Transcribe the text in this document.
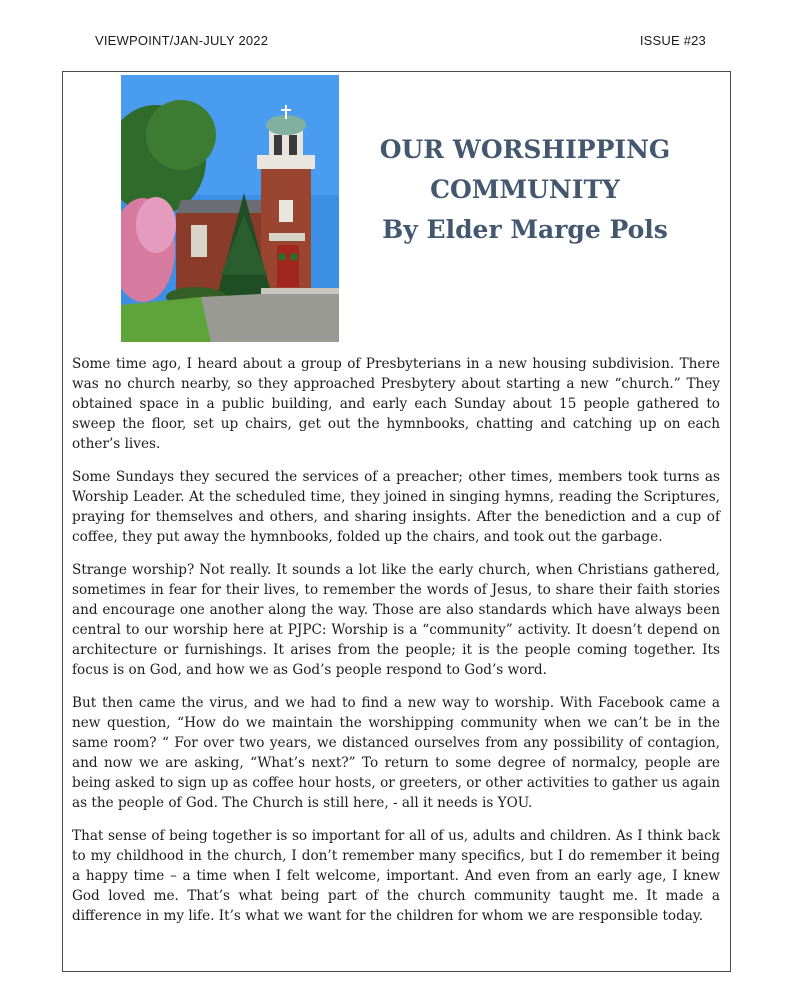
VIEWPOINT/JAN-JULY 2022	ISSUE #23
OUR WORSHIPPING
COMMUNITY
By Elder Marge Pols

Some time ago, I heard about a group of Presbyterians in a new housing subdivision. There was no church nearby, so they approached Presbytery about starting a new “church.” They obtained space in a public building, and early each Sunday about 15 people gathered to sweep the floor, set up chairs, get out the hymnbooks, chatting and catching up on each other’s lives.

Some Sundays they secured the services of a preacher; other times, members took turns as Worship Leader. At the scheduled time, they joined in singing hymns, reading the Scriptures, praying for themselves and others, and sharing insights. After the benediction and a cup of coffee, they put away the hymnbooks, folded up the chairs, and took out the garbage.

Strange worship? Not really. It sounds a lot like the early church, when Christians gathered, sometimes in fear for their lives, to remember the words of Jesus, to share their faith stories and encourage one another along the way. Those are also standards which have always been central to our worship here at PJPC: Worship is a “community” activity. It doesn’t depend on architecture or furnishings. It arises from the people; it is the people coming together. Its focus is on God, and how we as God’s people respond to God’s word.

But then came the virus, and we had to find a new way to worship. With Facebook came a new question, “How do we maintain the worshipping community when we can’t be in the same room? “ For over two years, we distanced ourselves from any possibility of contagion, and now we are asking, “What’s next?” To return to some degree of normalcy, people are being asked to sign up as coffee hour hosts, or greeters, or other activities to gather us again as the people of God. The Church is still here, - all it needs is YOU.

That sense of being together is so important for all of us, adults and children. As I think back to my childhood in the church, I don’t remember many specifics, but I do remember it being a happy time – a time when I felt welcome, important. And even from an early age, I knew God loved me. That’s what being part of the church community taught me. It made a difference in my life. It’s what we want for the children for whom we are responsible today.
